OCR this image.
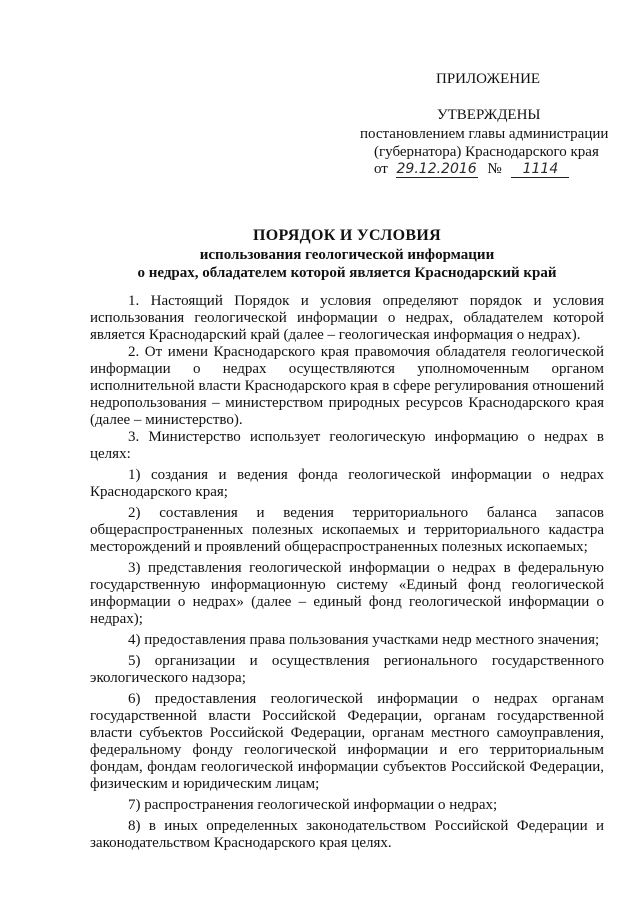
ПРИЛОЖЕНИЕ
УТВЕРЖДЕНЫ
постановлением главы администрации
(губернатора) Краснодарского края
от 29.12.2016 № 1114
ПОРЯДОК И УСЛОВИЯ
использования геологической информации
о недрах, обладателем которой является Краснодарский край

1. Настоящий Порядок и условия определяют порядок и условия использования геологической информации о недрах, обладателем которой является Краснодарский край (далее – геологическая информация о недрах).

2. От имени Краснодарского края правомочия обладателя геологической информации о недрах осуществляются уполномоченным органом исполнительной власти Краснодарского края в сфере регулирования отношений недропользования – министерством природных ресурсов Краснодарского края (далее – министерство).

3. Министерство использует геологическую информацию о недрах в целях:

1) создания и ведения фонда геологической информации о недрах Краснодарского края;

2) составления и ведения территориального баланса запасов общераспространенных полезных ископаемых и территориального кадастра месторождений и проявлений общераспространенных полезных ископаемых;

3) представления геологической информации о недрах в федеральную государственную информационную систему «Единый фонд геологической информации о недрах» (далее – единый фонд геологической информации о недрах);

4) предоставления права пользования участками недр местного значения;

5) организации и осуществления регионального государственного экологического надзора;

6) предоставления геологической информации о недрах органам государственной власти Российской Федерации, органам государственной власти субъектов Российской Федерации, органам местного самоуправления, федеральному фонду геологической информации и его территориальным фондам, фондам геологической информации субъектов Российской Федерации, физическим и юридическим лицам;

7) распространения геологической информации о недрах;

8) в иных определенных законодательством Российской Федерации и законодательством Краснодарского края целях.
